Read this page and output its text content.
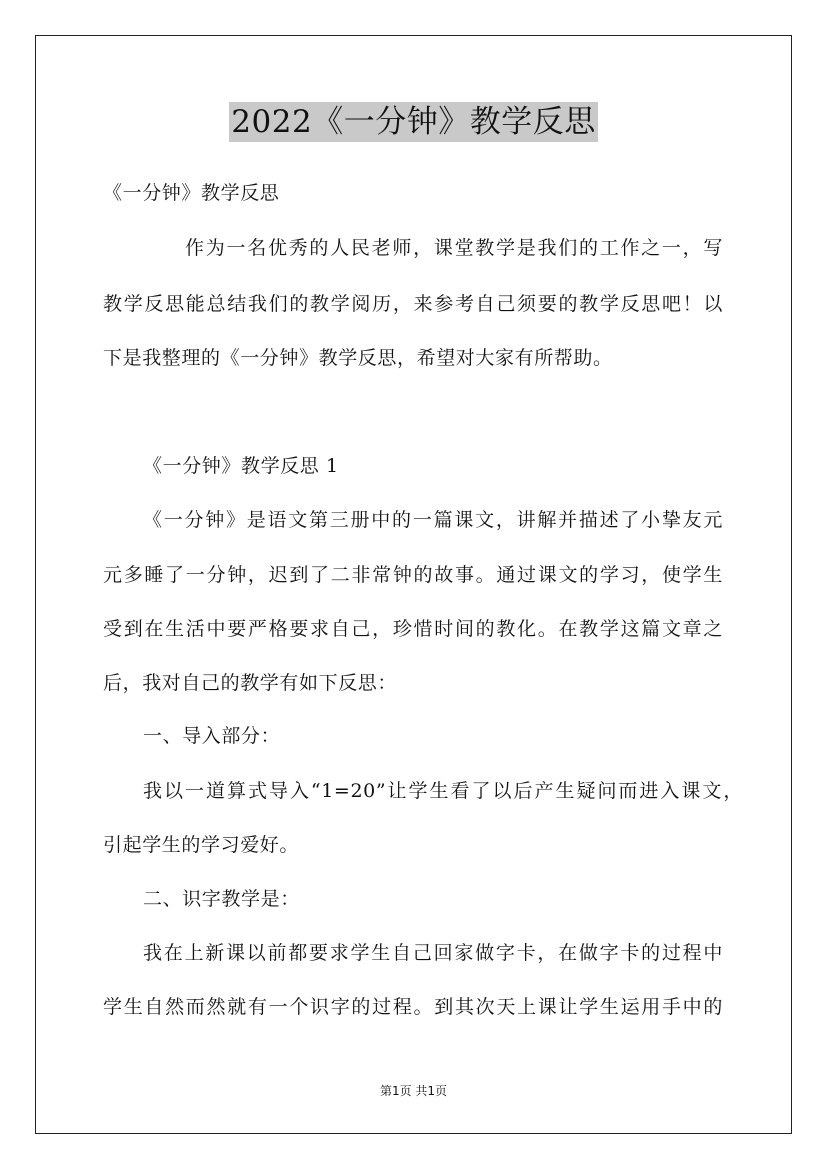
2022《一分钟》教学反思
《一分钟》教学反思
作为一名优秀的人民老师，课堂教学是我们的工作之一，写
教学反思能总结我们的教学阅历，来参考自己须要的教学反思吧！以
下是我整理的《一分钟》教学反思，希望对大家有所帮助。
《一分钟》教学反思 1
《一分钟》是语文第三册中的一篇课文，讲解并描述了小挚友元
元多睡了一分钟，迟到了二非常钟的故事。通过课文的学习，使学生
受到在生活中要严格要求自己，珍惜时间的教化。在教学这篇文章之
后，我对自己的教学有如下反思：
一、导入部分：
我以一道算式导入“1=20”让学生看了以后产生疑问而进入课文，
引起学生的学习爱好。
二、识字教学是：
我在上新课以前都要求学生自己回家做字卡，在做字卡的过程中
学生自然而然就有一个识字的过程。到其次天上课让学生运用手中的
第1页 共1页
